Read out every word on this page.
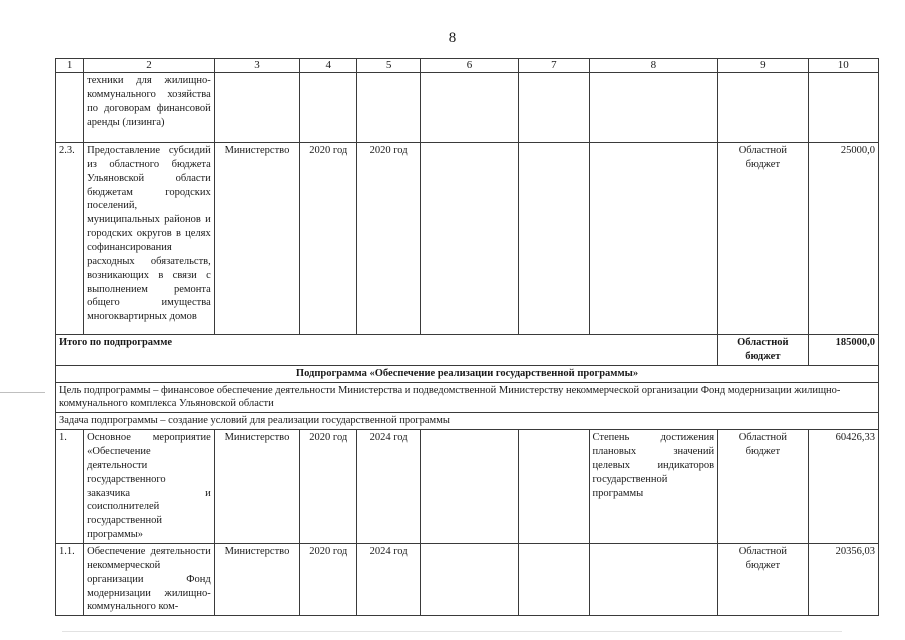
8
1	2	3	4	5	6	7	8	9	10
	техники для жилищно-коммунального хозяйства по договорам финансовой аренды (лизинга)								
2.3.	Предоставление субсидий из областного бюджета Ульяновской области бюджетам городских поселений, муниципальных районов и городских округов в целях софинансирования расходных обязательств, возникающих в связи с выполнением ремонта общего имущества многоквартирных домов	Министерство	2020 год	2020 год				Областной бюджет	25000,0
Итого по подпрограмме								Областной бюджет	185000,0
Подпрограмма «Обеспечение реализации государственной программы»									
Цель подпрограммы – финансовое обеспечение деятельности Министерства и подведомственной Министерству некоммерческой организации Фонд модернизации жилищно-коммунального комплекса Ульяновской области									
Задача подпрограммы – создание условий для реализации государственной программы									
1.	Основное мероприятие «Обеспечение деятельности государственного заказчика и соисполнителей государственной программы»	Министерство	2020 год	2024 год			Степень достижения плановых значений целевых индикаторов государственной программы	Областной бюджет	60426,33
1.1.	Обеспечение деятельности некоммерческой организации Фонд модернизации жилищно-коммунального ком-	Министерство	2020 год	2024 год				Областной бюджет	20356,03
